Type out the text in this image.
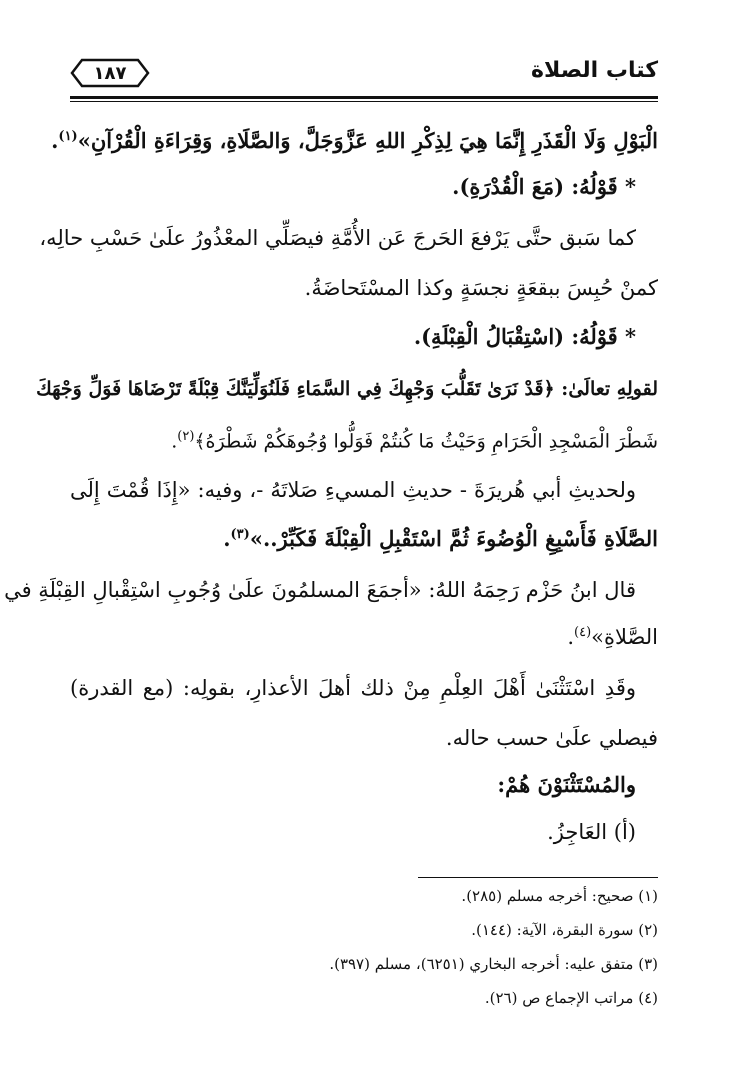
كتاب الصلاة
١٨٧
الْبَوْلِ وَلَا الْقَذَرِ إِنَّمَا هِيَ لِذِكْرِ اللهِ عَزَّوَجَلَّ، وَالصَّلَاةِ، وَقِرَاءَةِ الْقُرْآنِ»$^{(١)}$.
* قَوْلُهُ: (مَعَ الْقُدْرَةِ).
كما سَبق حتَّى يَرْفعَ الحَرجَ عَن الأُمَّةِ فيصَلِّي المعْذُورُ علَىٰ حَسْبِ حالِه،
كمنْ حُبِسَ ببقعَةٍ نجسَةٍ وكذا المسْتَحاضَةُ.
* قَوْلُهُ: (اسْتِقْبَالُ الْقِبْلَةِ).
لقولِهِ تعالَىٰ: ﴿قَدْ نَرَىٰ تَقَلُّبَ وَجْهِكَ فِي السَّمَاءِ فَلَنُوَلِّيَنَّكَ قِبْلَةً تَرْضَاهَا فَوَلِّ وَجْهَكَ
شَطْرَ الْمَسْجِدِ الْحَرَامِ وَحَيْثُ مَا كُنتُمْ فَوَلُّوا وُجُوهَكُمْ شَطْرَهُ﴾$^{(٢)}$.
ولحديثِ أبي هُريرَةَ - حديثِ المسيءِ صَلاتَهُ -، وفيه: «إِذَا قُمْتَ إِلَى
الصَّلَاةِ فَأَسْبِغِ الْوُضُوءَ ثُمَّ اسْتَقْبِلِ الْقِبْلَةَ فَكَبِّرْ..»$^{(٣)}$.
قال ابنُ حَزْم رَحِمَهُ اللهُ: «أجمَعَ المسلمُونَ علَىٰ وُجُوبِ اسْتِقْبالِ القِبْلَةِ في
الصَّلاةِ»$^{(٤)}$.
وقَدِ اسْتَثْنَىٰ أَهْلَ العِلْمِ مِنْ ذلك أهلَ الأعذارِ، بقولِه: (مع القدرة)
فيصلي علَىٰ حسب حاله.
والمُسْتَثْنَوْنَ هُمْ:
(أ) العَاجِزُ.
(١) صحيح: أخرجه مسلم (٢٨٥).
(٢) سورة البقرة، الآية: (١٤٤).
(٣) متفق عليه: أخرجه البخاري (٦٢٥١)، مسلم (٣٩٧).
(٤) مراتب الإجماع ص (٢٦).
